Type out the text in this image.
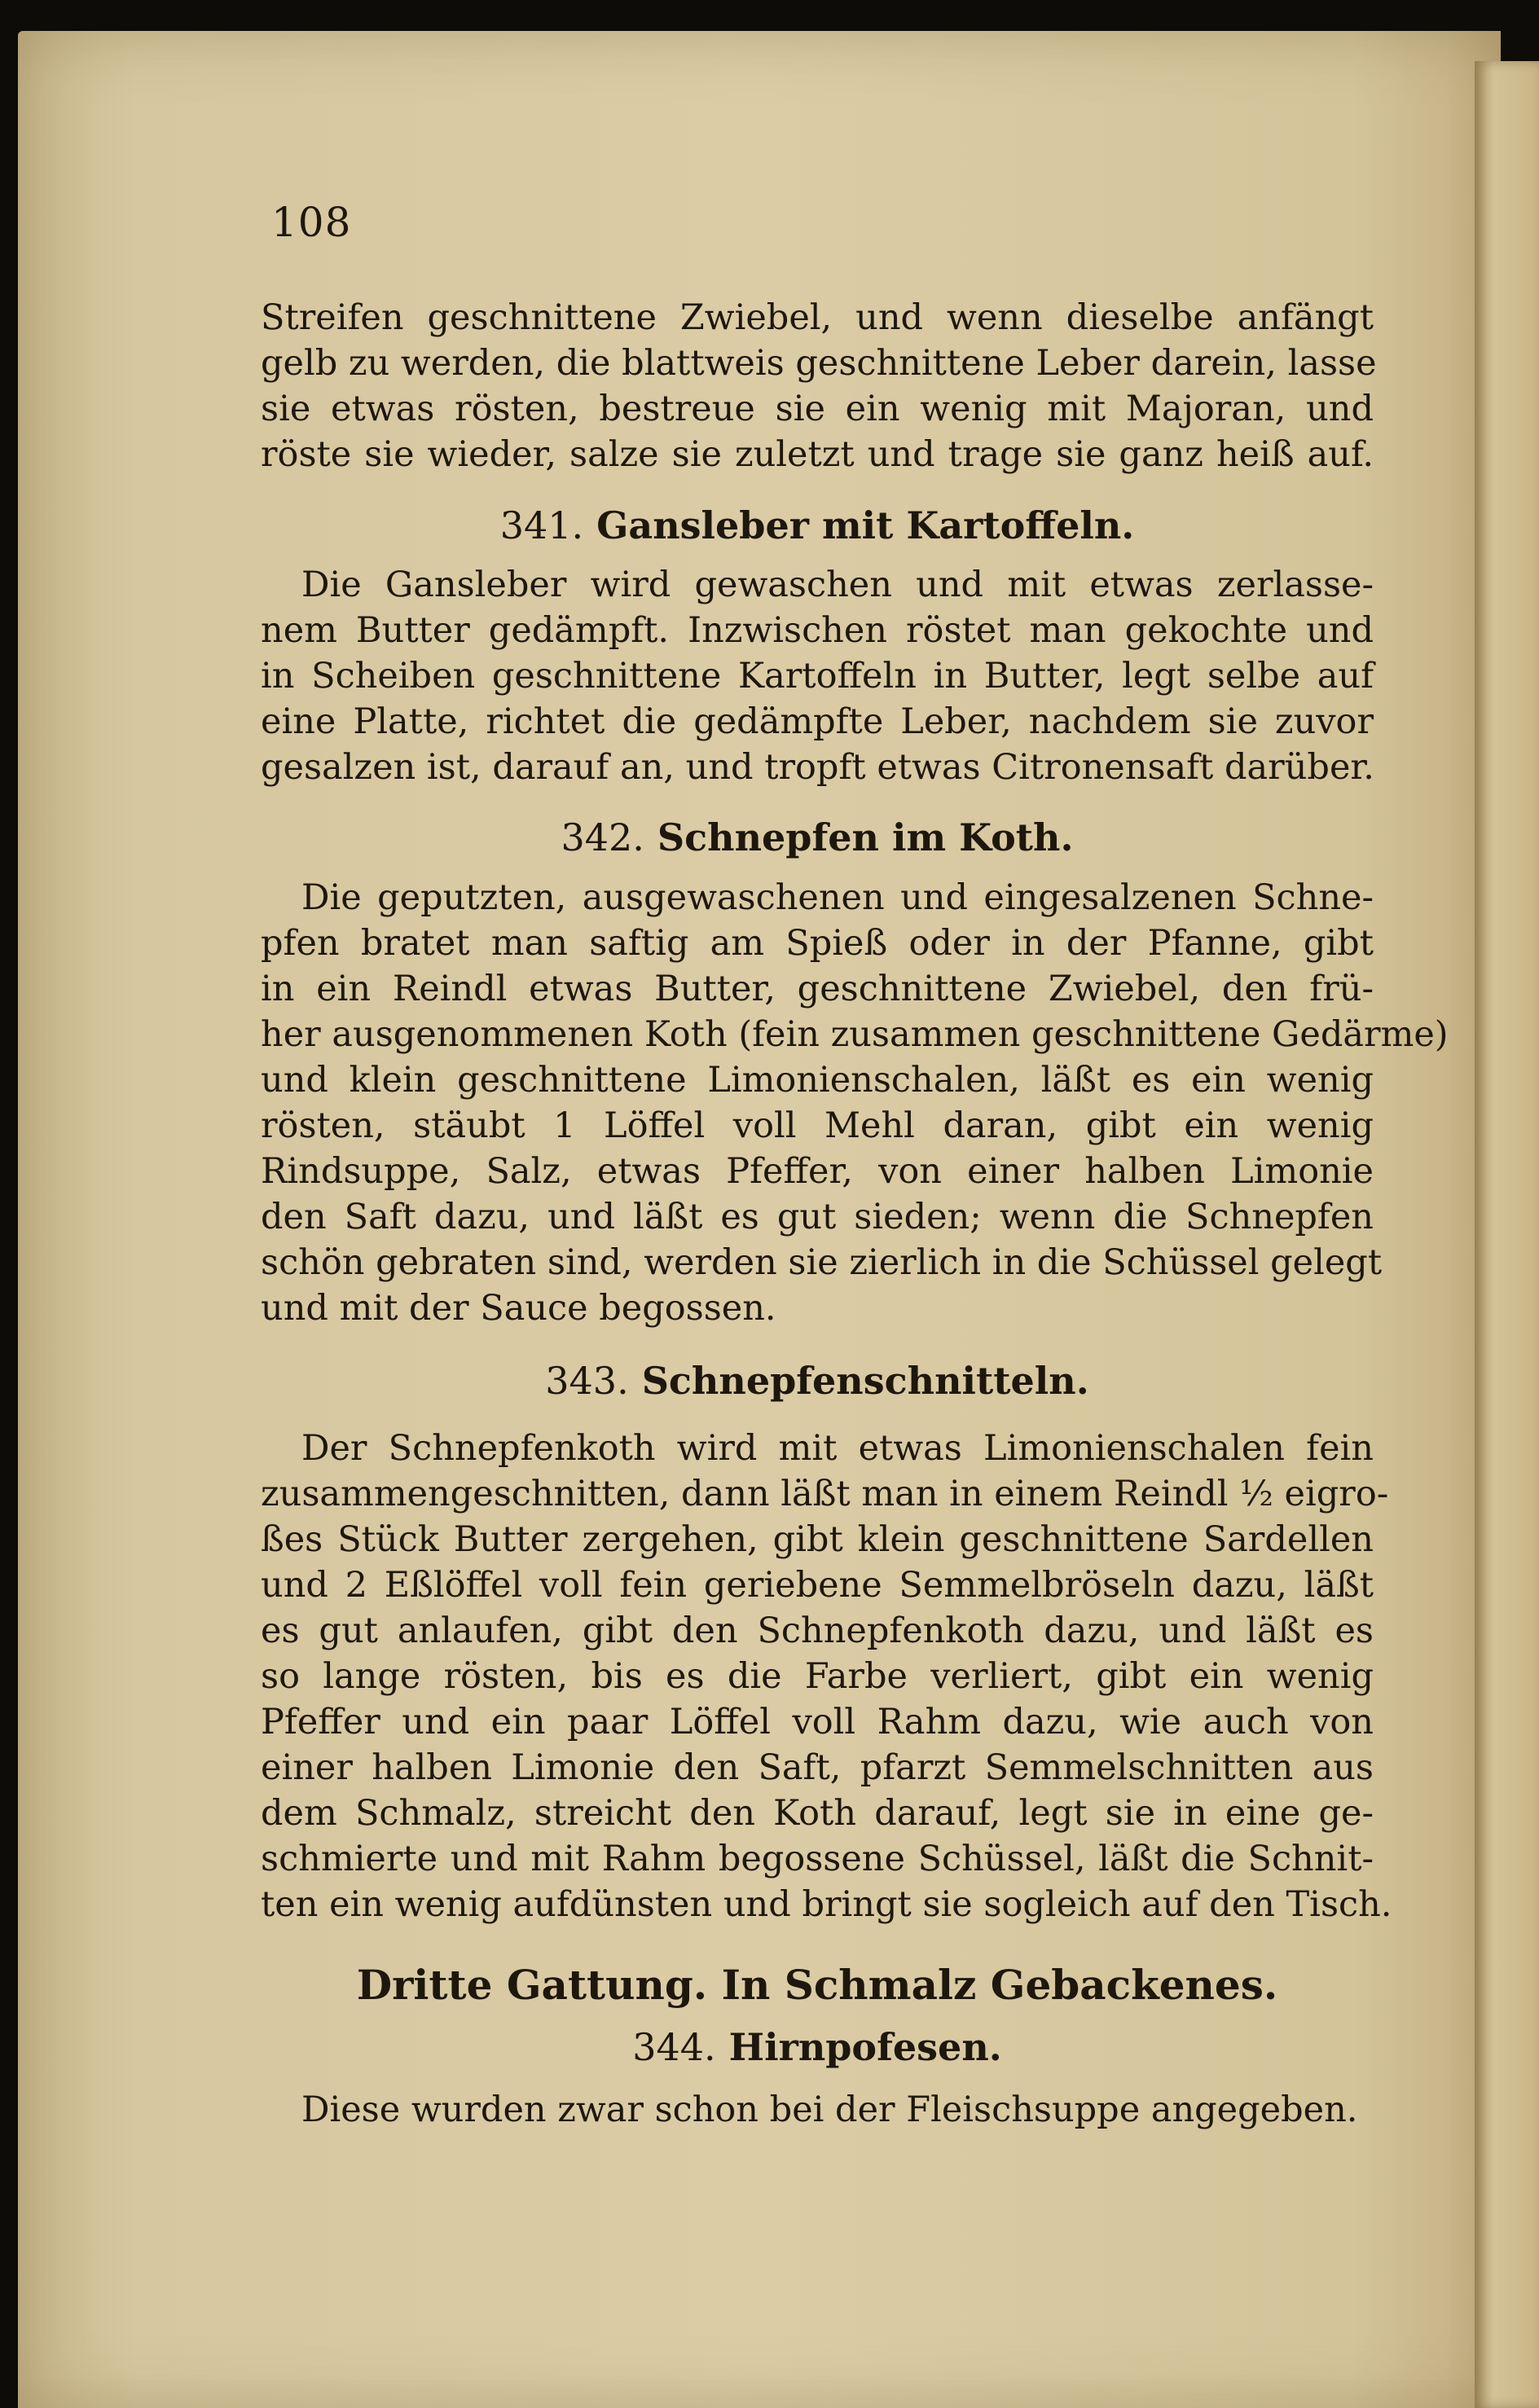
108
Streifen geschnittene Zwiebel, und wenn dieselbe anfängt
gelb zu werden, die blattweis geschnittene Leber darein, lasse
sie etwas rösten, bestreue sie ein wenig mit Majoran, und
röste sie wieder, salze sie zuletzt und trage sie ganz heiß auf.
341. Gansleber mit Kartoffeln.
Die Gansleber wird gewaschen und mit etwas zerlasse-
nem Butter gedämpft. Inzwischen röstet man gekochte und
in Scheiben geschnittene Kartoffeln in Butter, legt selbe auf
eine Platte, richtet die gedämpfte Leber, nachdem sie zuvor
gesalzen ist, darauf an, und tropft etwas Citronensaft darüber.
342. Schnepfen im Koth.
Die geputzten, ausgewaschenen und eingesalzenen Schne-
pfen bratet man saftig am Spieß oder in der Pfanne, gibt
in ein Reindl etwas Butter, geschnittene Zwiebel, den frü-
her ausgenommenen Koth (fein zusammen geschnittene Gedärme)
und klein geschnittene Limonienschalen, läßt es ein wenig
rösten, stäubt 1 Löffel voll Mehl daran, gibt ein wenig
Rindsuppe, Salz, etwas Pfeffer, von einer halben Limonie
den Saft dazu, und läßt es gut sieden; wenn die Schnepfen
schön gebraten sind, werden sie zierlich in die Schüssel gelegt
und mit der Sauce begossen.
343. Schnepfenschnitteln.
Der Schnepfenkoth wird mit etwas Limonienschalen fein
zusammengeschnitten, dann läßt man in einem Reindl ½ eigro-
ßes Stück Butter zergehen, gibt klein geschnittene Sardellen
und 2 Eßlöffel voll fein geriebene Semmelbröseln dazu, läßt
es gut anlaufen, gibt den Schnepfenkoth dazu, und läßt es
so lange rösten, bis es die Farbe verliert, gibt ein wenig
Pfeffer und ein paar Löffel voll Rahm dazu, wie auch von
einer halben Limonie den Saft, pfarzt Semmelschnitten aus
dem Schmalz, streicht den Koth darauf, legt sie in eine ge-
schmierte und mit Rahm begossene Schüssel, läßt die Schnit-
ten ein wenig aufdünsten und bringt sie sogleich auf den Tisch.
Dritte Gattung. In Schmalz Gebackenes.
344. Hirnpofesen.
Diese wurden zwar schon bei der Fleischsuppe angegeben.
